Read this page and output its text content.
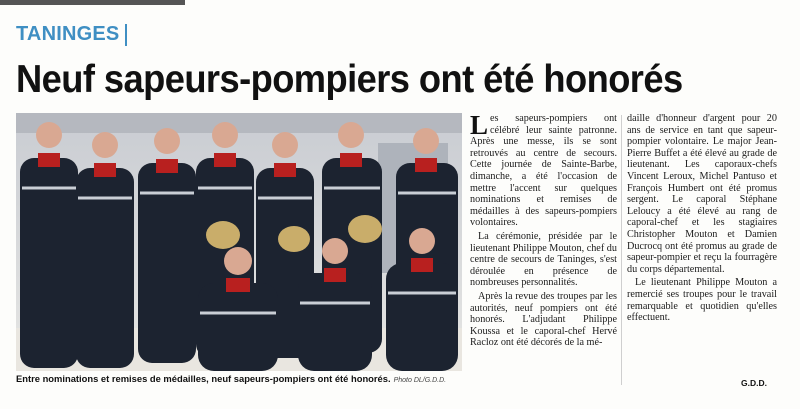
TANINGES
Neuf sapeurs-pompiers ont été honorés
Entre nominations et remises de médailles, neuf sapeurs-pompiers ont été honorés. Photo DL/G.D.D.

Les sapeurs-pompiers ont célébré leur sainte patronne. Après une messe, ils se sont retrouvés au centre de secours. Cette journée de Sainte-Barbe, dimanche, a été l'occasion de mettre l'accent sur quelques nominations et remises de médailles à des sapeurs-pompiers volontaires.

La cérémonie, présidée par le lieutenant Philippe Mouton, chef du centre de secours de Taninges, s'est déroulée en présence de nombreuses personnalités.

Après la revue des troupes par les autorités, neuf pompiers ont été honorés. L'adjudant Philippe Koussa et le caporal-chef Hervé Racloz ont été décorés de la mé-

daille d'honneur d'argent pour 20 ans de service en tant que sapeur-pompier volontaire. Le major Jean-Pierre Buffet a été élevé au grade de lieutenant. Les caporaux-chefs Vincent Leroux, Michel Pantuso et François Humbert ont été promus sergent. Le caporal Stéphane Leloucy a été élevé au rang de caporal-chef et les stagiaires Christopher Mouton et Damien Ducrocq ont été promus au grade de sapeur-pompier et reçu la fourragère du corps départemental.

Le lieutenant Philippe Mouton a remercié ses troupes pour le travail remarquable et quotidien qu'elles effectuent.

G.D.D.
